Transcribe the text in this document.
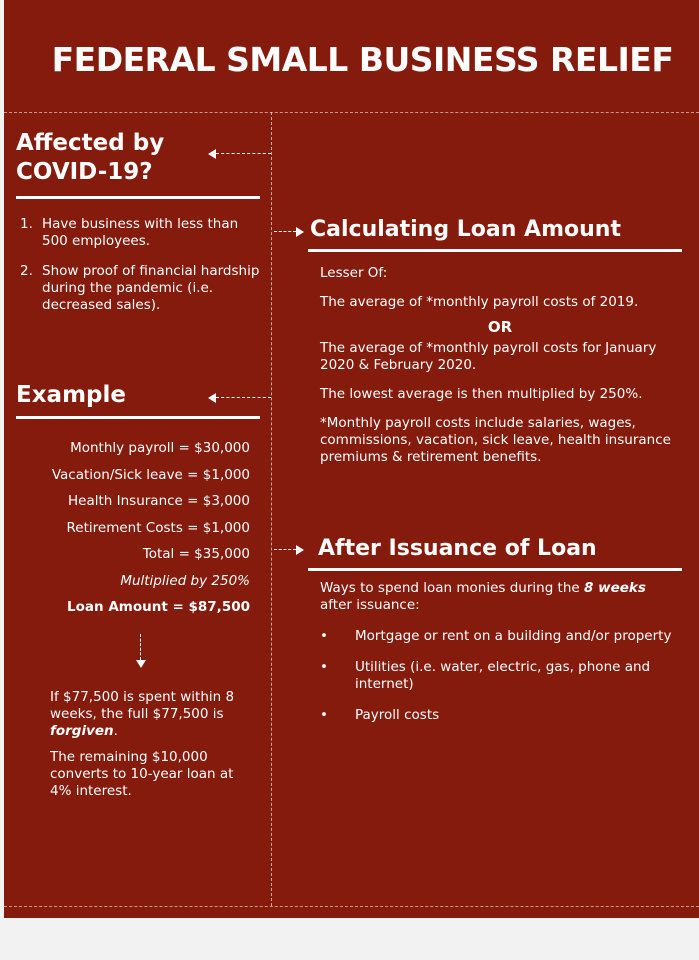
FEDERAL SMALL BUSINESS RELIEF
Affected by
COVID-19?
1. Have business with less than 500 employees.
2. Show proof of financial hardship during the pandemic (i.e. decreased sales).
Example
Monthly payroll = $30,000
Vacation/Sick leave = $1,000
Health Insurance = $3,000
Retirement Costs = $1,000
Total = $35,000
Multiplied by 250%
Loan Amount = $87,500

If $77,500 is spent within 8 weeks, the full $77,500 is forgiven.

The remaining $10,000 converts to 10-year loan at 4% interest.

Calculating Loan Amount

Lesser Of:

The average of *monthly payroll costs of 2019.

OR

The average of *monthly payroll costs for January 2020 & February 2020.

The lowest average is then multiplied by 250%.

*Monthly payroll costs include salaries, wages, commissions, vacation, sick leave, health insurance premiums & retirement benefits.

After Issuance of Loan

Ways to spend loan monies during the 8 weeks after issuance:

• Mortgage or rent on a building and/or property
• Utilities (i.e. water, electric, gas, phone and internet)
• Payroll costs
